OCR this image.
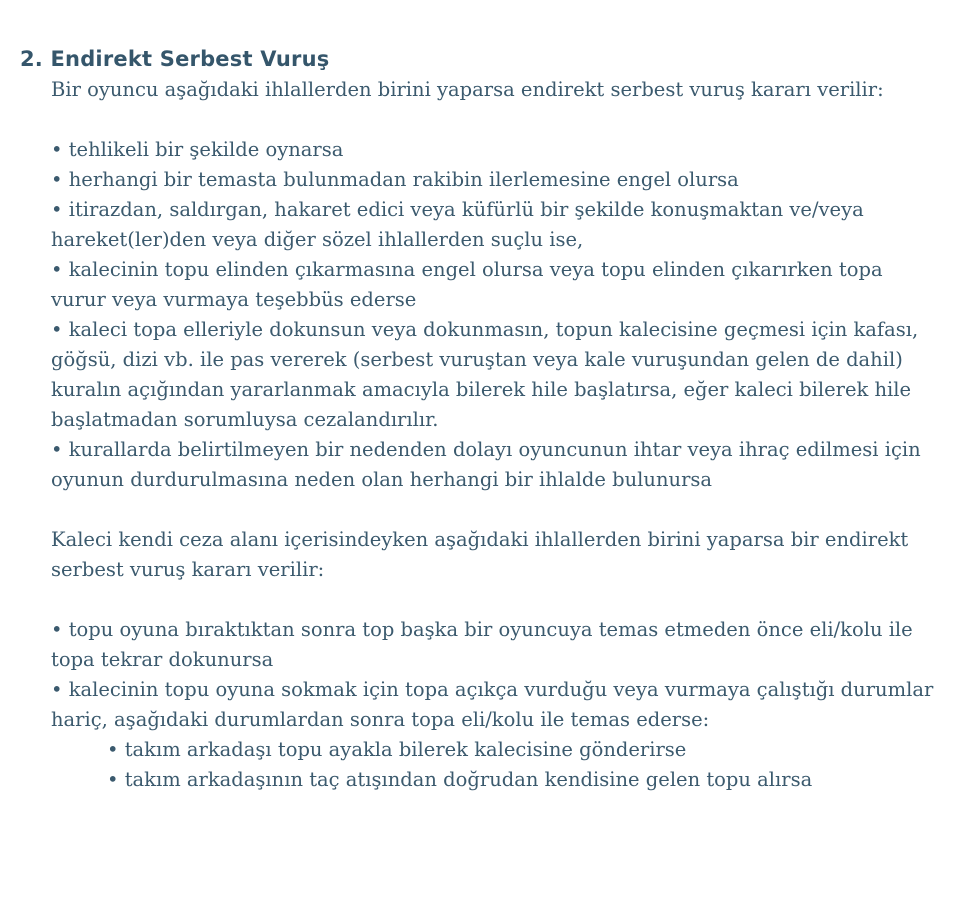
2. Endirekt Serbest Vuruş

Bir oyuncu aşağıdaki ihlallerden birini yaparsa endirekt serbest vuruş kararı verilir:

• tehlikeli bir şekilde oynarsa
• herhangi bir temasta bulunmadan rakibin ilerlemesine engel olursa
• itirazdan, saldırgan, hakaret edici veya küfürlü bir şekilde konuşmaktan ve/veya hareket(ler)den veya diğer sözel ihlallerden suçlu ise,
• kalecinin topu elinden çıkarmasına engel olursa veya topu elinden çıkarırken topa vurur veya vurmaya teşebbüs ederse
• kaleci topa elleriyle dokunsun veya dokunmasın, topun kalecisine geçmesi için kafası, göğsü, dizi vb. ile pas vererek (serbest vuruştan veya kale vuruşundan gelen de dahil) kuralın açığından yararlanmak amacıyla bilerek hile başlatırsa, eğer kaleci bilerek hile başlatmadan sorumluysa cezalandırılır.
• kurallarda belirtilmeyen bir nedenden dolayı oyuncunun ihtar veya ihraç edilmesi için oyunun durdurulmasına neden olan herhangi bir ihlalde bulunursa

Kaleci kendi ceza alanı içerisindeyken aşağıdaki ihlallerden birini yaparsa bir endirekt serbest vuruş kararı verilir:

• topu oyuna bıraktıktan sonra top başka bir oyuncuya temas etmeden önce eli/kolu ile topa tekrar dokunursa
• kalecinin topu oyuna sokmak için topa açıkça vurduğu veya vurmaya çalıştığı durumlar hariç, aşağıdaki durumlardan sonra topa eli/kolu ile temas ederse:
• takım arkadaşı topu ayakla bilerek kalecisine gönderirse
• takım arkadaşının taç atışından doğrudan kendisine gelen topu alırsa
